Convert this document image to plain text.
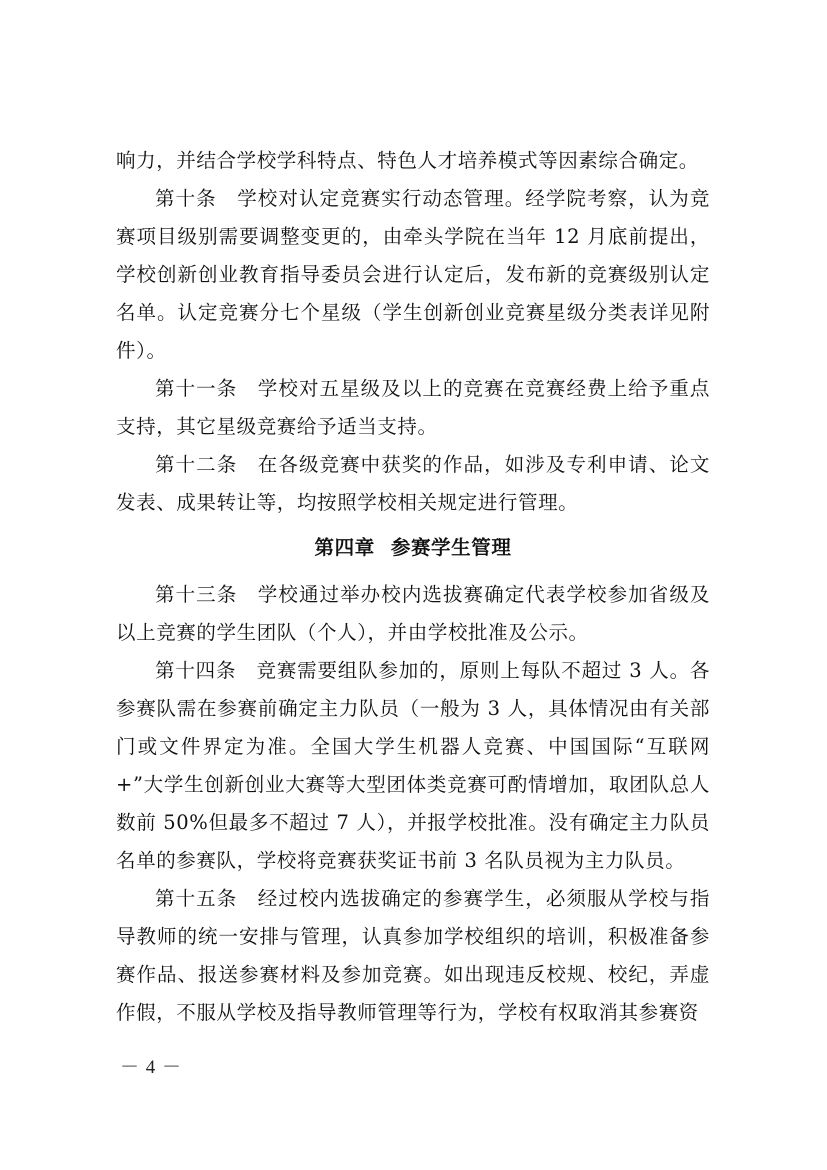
响力，并结合学校学科特点、特色人才培养模式等因素综合确定。

第十条 学校对认定竞赛实行动态管理。经学院考察，认为竞赛项目级别需要调整变更的，由牵头学院在当年 12 月底前提出，学校创新创业教育指导委员会进行认定后，发布新的竞赛级别认定名单。认定竞赛分七个星级（学生创新创业竞赛星级分类表详见附件）。

第十一条 学校对五星级及以上的竞赛在竞赛经费上给予重点支持，其它星级竞赛给予适当支持。

第十二条 在各级竞赛中获奖的作品，如涉及专利申请、论文发表、成果转让等，均按照学校相关规定进行管理。

第四章 参赛学生管理

第十三条 学校通过举办校内选拔赛确定代表学校参加省级及以上竞赛的学生团队（个人），并由学校批准及公示。

第十四条 竞赛需要组队参加的，原则上每队不超过 3 人。各参赛队需在参赛前确定主力队员（一般为 3 人，具体情况由有关部门或文件界定为准。全国大学生机器人竞赛、中国国际“互联网+”大学生创新创业大赛等大型团体类竞赛可酌情增加，取团队总人数前 50%但最多不超过 7 人），并报学校批准。没有确定主力队员名单的参赛队，学校将竞赛获奖证书前 3 名队员视为主力队员。

第十五条 经过校内选拔确定的参赛学生，必须服从学校与指导教师的统一安排与管理，认真参加学校组织的培训，积极准备参赛作品、报送参赛材料及参加竞赛。如出现违反校规、校纪，弄虚作假，不服从学校及指导教师管理等行为，学校有权取消其参赛资

－ 4 －
